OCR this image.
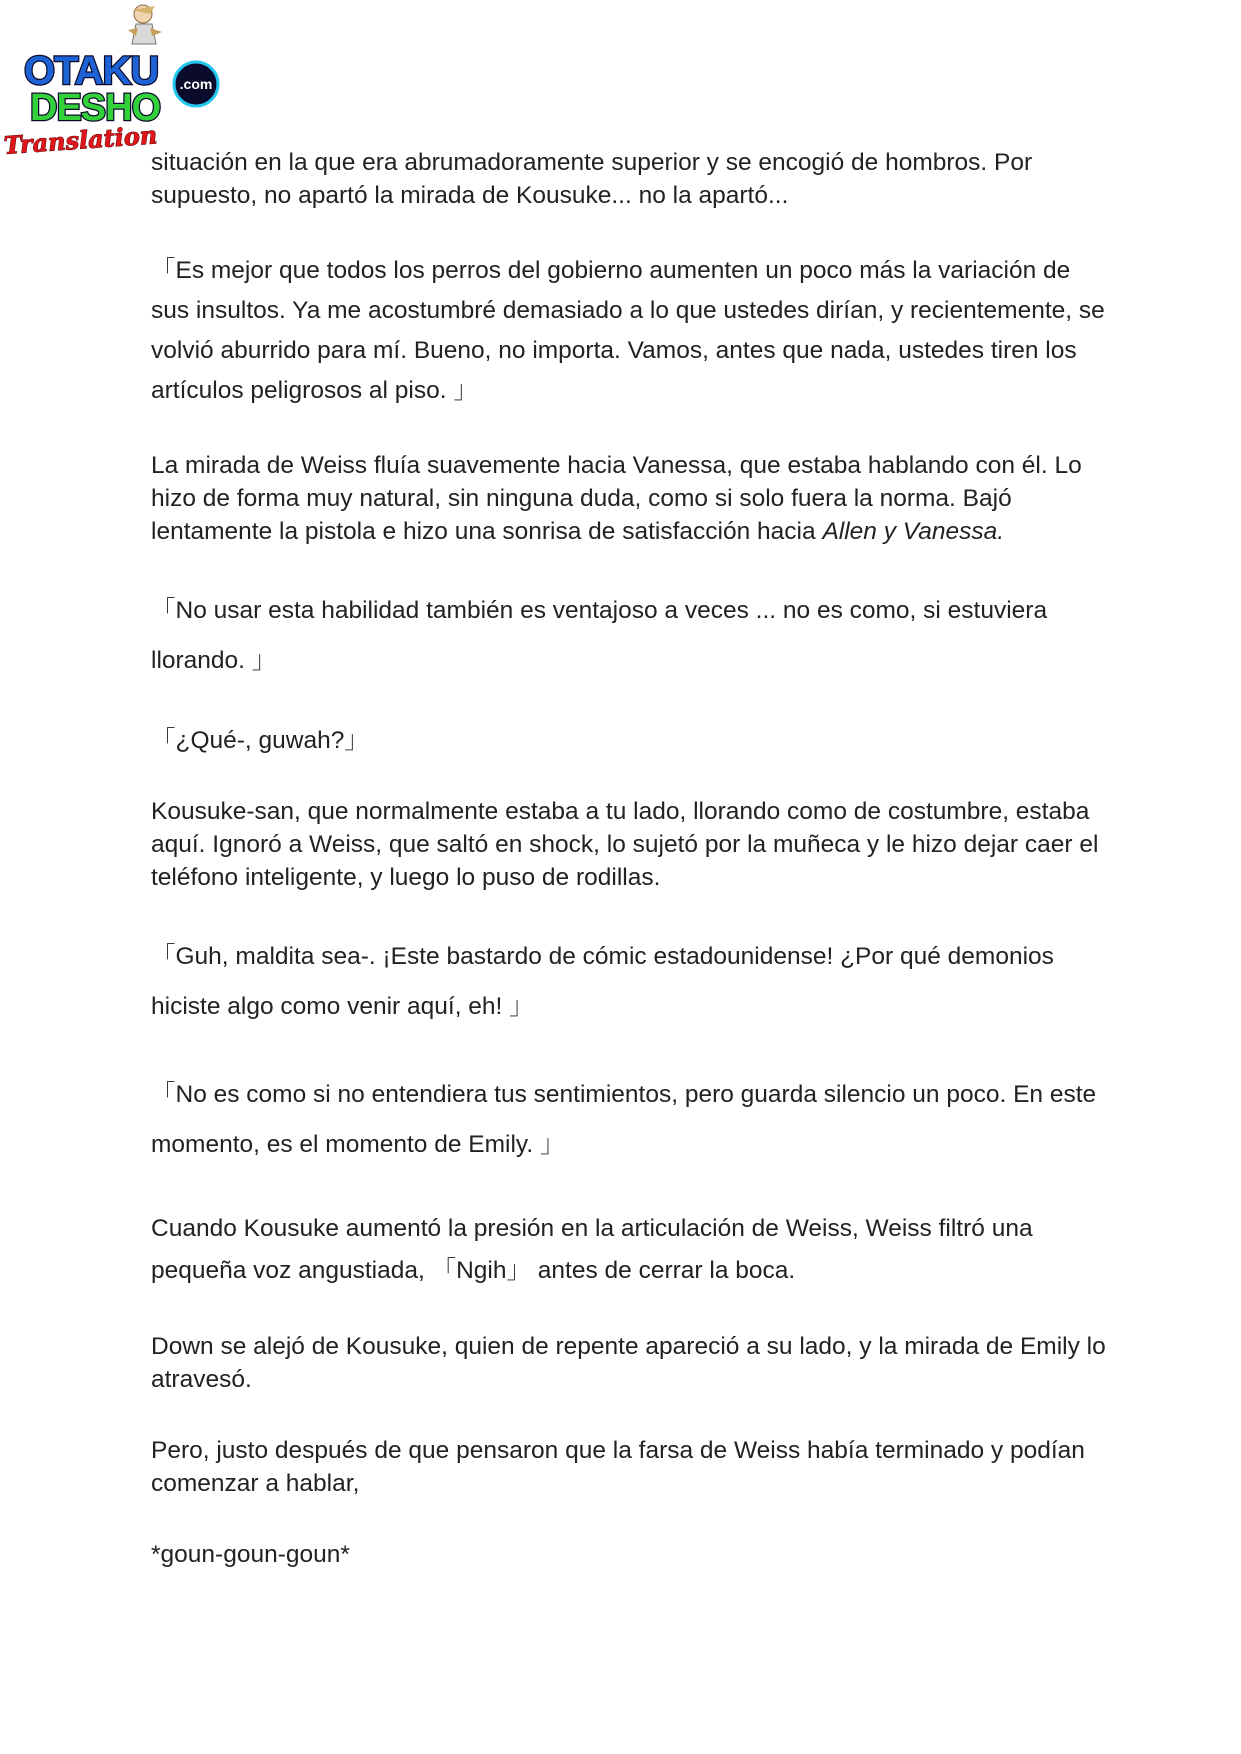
.com
OTAKU
DESHO
Translation

situación en la que era abrumadoramente superior y se encogió de hombros. Por supuesto, no apartó la mirada de Kousuke... no la apartó...

「Es mejor que todos los perros del gobierno aumenten un poco más la variación de sus insultos. Ya me acostumbré demasiado a lo que ustedes dirían, y recientemente, se volvió aburrido para mí. Bueno, no importa. Vamos, antes que nada, ustedes tiren los artículos peligrosos al piso. 」

La mirada de Weiss fluía suavemente hacia Vanessa, que estaba hablando con él. Lo hizo de forma muy natural, sin ninguna duda, como si solo fuera la norma. Bajó lentamente la pistola e hizo una sonrisa de satisfacción hacia Allen y Vanessa.

「No usar esta habilidad también es ventajoso a veces ... no es como, si estuviera llorando. 」

「¿Qué-, guwah?」

Kousuke-san, que normalmente estaba a tu lado, llorando como de costumbre, estaba aquí. Ignoró a Weiss, que saltó en shock, lo sujetó por la muñeca y le hizo dejar caer el teléfono inteligente, y luego lo puso de rodillas.

「Guh, maldita sea-. ¡Este bastardo de cómic estadounidense! ¿Por qué demonios hiciste algo como venir aquí, eh! 」

「No es como si no entendiera tus sentimientos, pero guarda silencio un poco. En este momento, es el momento de Emily. 」

Cuando Kousuke aumentó la presión en la articulación de Weiss, Weiss filtró una pequeña voz angustiada, 「Ngih」 antes de cerrar la boca.

Down se alejó de Kousuke, quien de repente apareció a su lado, y la mirada de Emily lo atravesó.

Pero, justo después de que pensaron que la farsa de Weiss había terminado y podían comenzar a hablar,

*goun-goun-goun*
